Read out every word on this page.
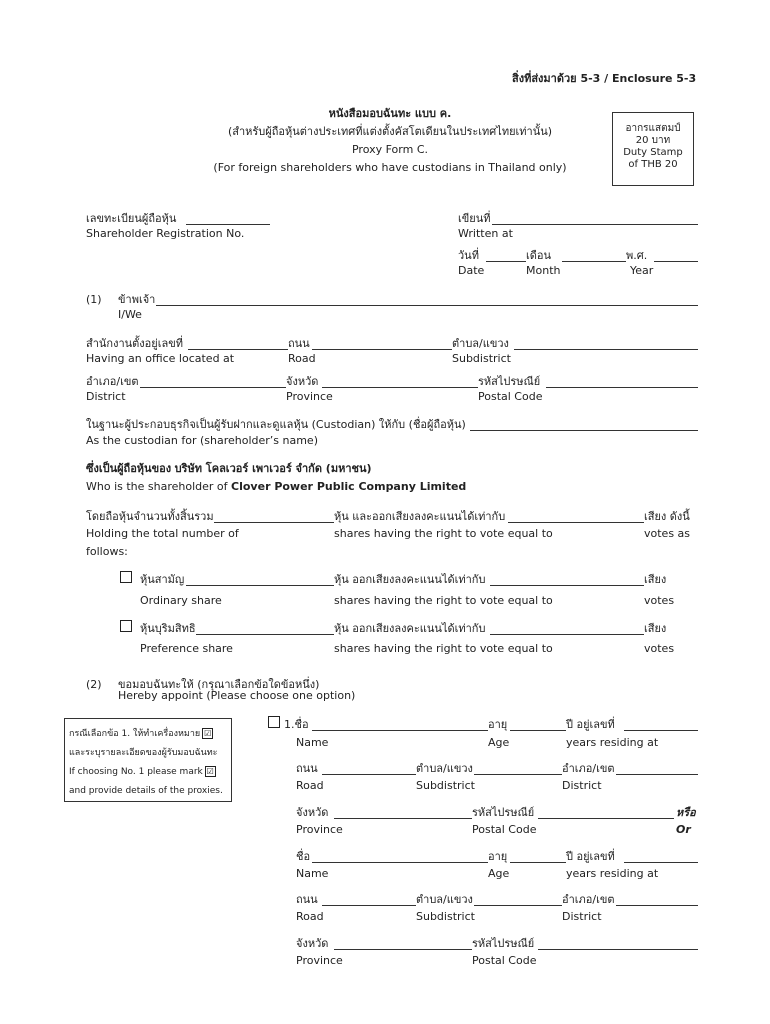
สิ่งที่ส่งมาด้วย 5-3 / Enclosure 5-3
หนังสือมอบฉันทะ แบบ ค.
(สำหรับผู้ถือหุ้นต่างประเทศที่แต่งตั้งคัสโตเดียนในประเทศไทยเท่านั้น)
Proxy Form C.
(For foreign shareholders who have custodians in Thailand only)
อากรแสตมป์
20 บาท
Duty Stamp
of THB 20
เลขทะเบียนผู้ถือหุ้น
Shareholder Registration No.
เขียนที่
Written at
วันที่	เดือน	พ.ศ.
Date	Month	Year
(1) ข้าพเจ้า
I/We
สำนักงานตั้งอยู่เลขที่	ถนน	ตำบล/แขวง
Having an office located at	Road	Subdistrict
อำเภอ/เขต	จังหวัด	รหัสไปรษณีย์
District	Province	Postal Code
ในฐานะผู้ประกอบธุรกิจเป็นผู้รับฝากและดูแลหุ้น (Custodian) ให้กับ (ชื่อผู้ถือหุ้น)
As the custodian for (shareholder’s name)
ซึ่งเป็นผู้ถือหุ้นของ บริษัท โคลเวอร์ เพาเวอร์ จำกัด (มหาชน)
Who is the shareholder of Clover Power Public Company Limited
โดยถือหุ้นจำนวนทั้งสิ้นรวม	หุ้น และออกเสียงลงคะแนนได้เท่ากับ	เสียง ดังนี้
Holding the total number of	shares having the right to vote equal to	votes as
follows:
หุ้นสามัญ	หุ้น ออกเสียงลงคะแนนได้เท่ากับ	เสียง
Ordinary share	shares having the right to vote equal to	votes
หุ้นบุริมสิทธิ	หุ้น ออกเสียงลงคะแนนได้เท่ากับ	เสียง
Preference share	shares having the right to vote equal to	votes
(2) ขอมอบฉันทะให้ (กรุณาเลือกข้อใดข้อหนึ่ง)
Hereby appoint (Please choose one option)
กรณีเลือกข้อ 1. ให้ทำเครื่องหมาย ☑
และระบุรายละเอียดของผู้รับมอบฉันทะ
If choosing No. 1 please mark ☑
and provide details of the proxies.
1.ชื่อ	อายุ	ปี อยู่เลขที่
Name	Age	years residing at
ถนน	ตำบล/แขวง	อำเภอ/เขต
Road	Subdistrict	District
จังหวัด	รหัสไปรษณีย์	หรือ
Province	Postal Code	Or
ชื่อ	อายุ	ปี อยู่เลขที่
Name	Age	years residing at
ถนน	ตำบล/แขวง	อำเภอ/เขต
Road	Subdistrict	District
จังหวัด	รหัสไปรษณีย์
Province	Postal Code
